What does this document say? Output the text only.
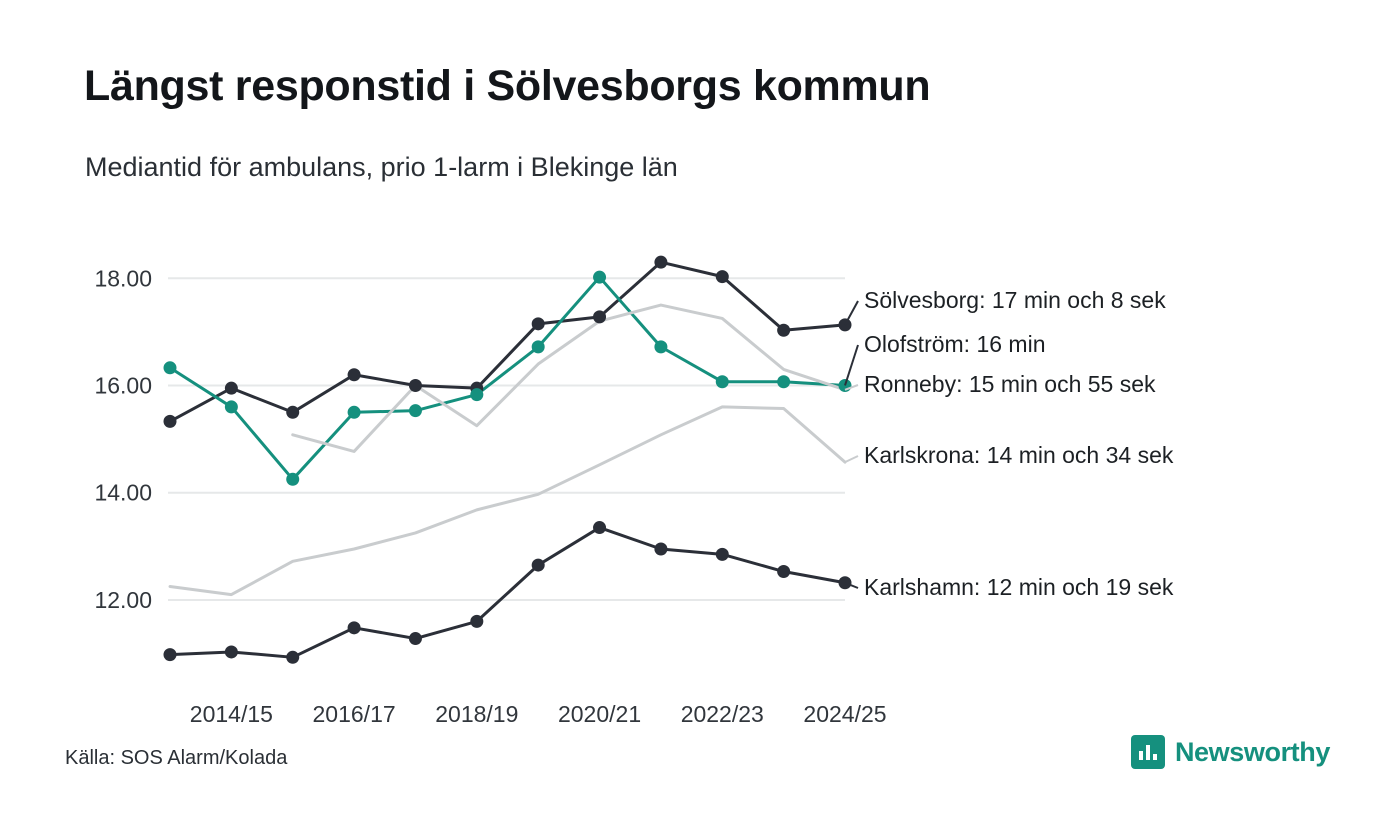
Längst responstid i Sölvesborgs kommun
Mediantid för ambulans, prio 1-larm i Blekinge län
12.00
14.00
16.00
18.00
2014/15 2016/17 2018/19 2020/21 2022/23 2024/25
Sölvesborg: 17 min och 8 sek
Olofström: 16 min
Ronneby: 15 min och 55 sek
Karlskrona: 14 min och 34 sek
Karlshamn: 12 min och 19 sek
Källa: SOS Alarm/Kolada	Newsworthy
